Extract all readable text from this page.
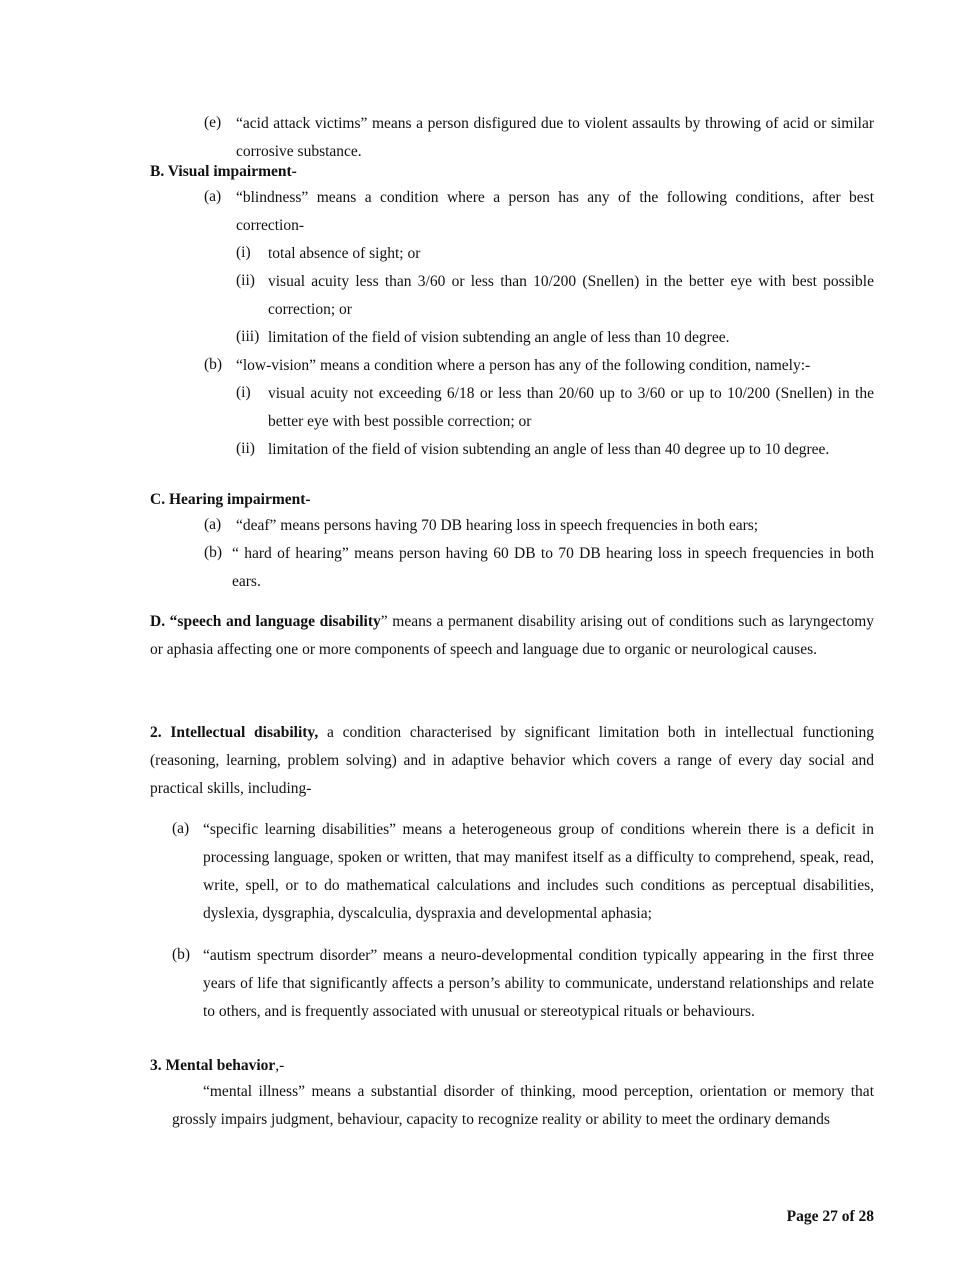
(e) “acid attack victims” means a person disfigured due to violent assaults by throwing of acid or similar corrosive substance.
B. Visual impairment-
(a) “blindness” means a condition where a person has any of the following conditions, after best correction-
(i) total absence of sight; or
(ii) visual acuity less than 3/60 or less than 10/200 (Snellen) in the better eye with best possible correction; or
(iii) limitation of the field of vision subtending an angle of less than 10 degree.
(b) “low-vision” means a condition where a person has any of the following condition, namely:-
(i) visual acuity not exceeding 6/18 or less than 20/60 up to 3/60 or up to 10/200 (Snellen) in the better eye with best possible correction; or
(ii) limitation of the field of vision subtending an angle of less than 40 degree up to 10 degree.
C. Hearing impairment-
(a) “deaf” means persons having 70 DB hearing loss in speech frequencies in both ears;
(b) “ hard of hearing” means person having 60 DB to 70 DB hearing loss in speech frequencies in both ears.
D. “speech and language disability” means a permanent disability arising out of conditions such as laryngectomy or aphasia affecting one or more components of speech and language due to organic or neurological causes.
2. Intellectual disability, a condition characterised by significant limitation both in intellectual functioning (reasoning, learning, problem solving) and in adaptive behavior which covers a range of every day social and practical skills, including-
(a) “specific learning disabilities” means a heterogeneous group of conditions wherein there is a deficit in processing language, spoken or written, that may manifest itself as a difficulty to comprehend, speak, read, write, spell, or to do mathematical calculations and includes such conditions as perceptual disabilities, dyslexia, dysgraphia, dyscalculia, dyspraxia and developmental aphasia;
(b) “autism spectrum disorder” means a neuro-developmental condition typically appearing in the first three years of life that significantly affects a person’s ability to communicate, understand relationships and relate to others, and is frequently associated with unusual or stereotypical rituals or behaviours.
3. Mental behavior,-
“mental illness” means a substantial disorder of thinking, mood perception, orientation or memory that grossly impairs judgment, behaviour, capacity to recognize reality or ability to meet the ordinary demands
Page 27 of 28
